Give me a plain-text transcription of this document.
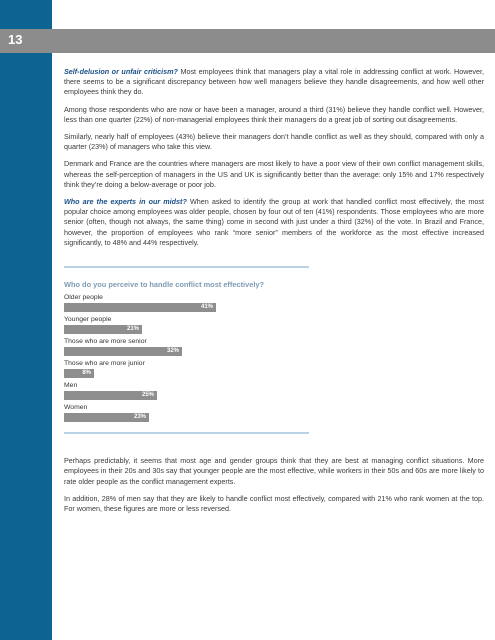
13

Self-delusion or unfair criticism? Most employees think that managers play a vital role in addressing conflict at work. However, there seems to be a significant discrepancy between how well managers believe they handle disagreements, and how well other employees think they do.

Among those respondents who are now or have been a manager, around a third (31%) believe they handle conflict well. However, less than one quarter (22%) of non-managerial employees think their managers do a great job of sorting out disagreements.

Similarly, nearly half of employees (43%) believe their managers don’t handle conflict as well as they should, compared with only a quarter (23%) of managers who take this view.

Denmark and France are the countries where managers are most likely to have a poor view of their own conflict management skills, whereas the self-perception of managers in the US and UK is significantly better than the average: only 15% and 17% respectively think they’re doing a below-average or poor job.

Who are the experts in our midst? When asked to identify the group at work that handled conflict most effectively, the most popular choice among employees was older people, chosen by four out of ten (41%) respondents. Those employees who are more senior (often, though not always, the same thing) come in second with just under a third (32%) of the vote. In Brazil and France, however, the proportion of employees who rank “more senior” members of the workforce as the most effective increased significantly, to 48% and 44% respectively.

Who do you perceive to handle conflict most effectively?
Older people
41%
Younger people
21%
Those who are more senior
32%
Those who are more junior
8%
Men
25%
Women
23%

Perhaps predictably, it seems that most age and gender groups think that they are best at managing conflict situations. More employees in their 20s and 30s say that younger people are the most effective, while workers in their 50s and 60s are more likely to rate older people as the conflict management experts.

In addition, 28% of men say that they are likely to handle conflict most effectively, compared with 21% who rank women at the top. For women, these figures are more or less reversed.
